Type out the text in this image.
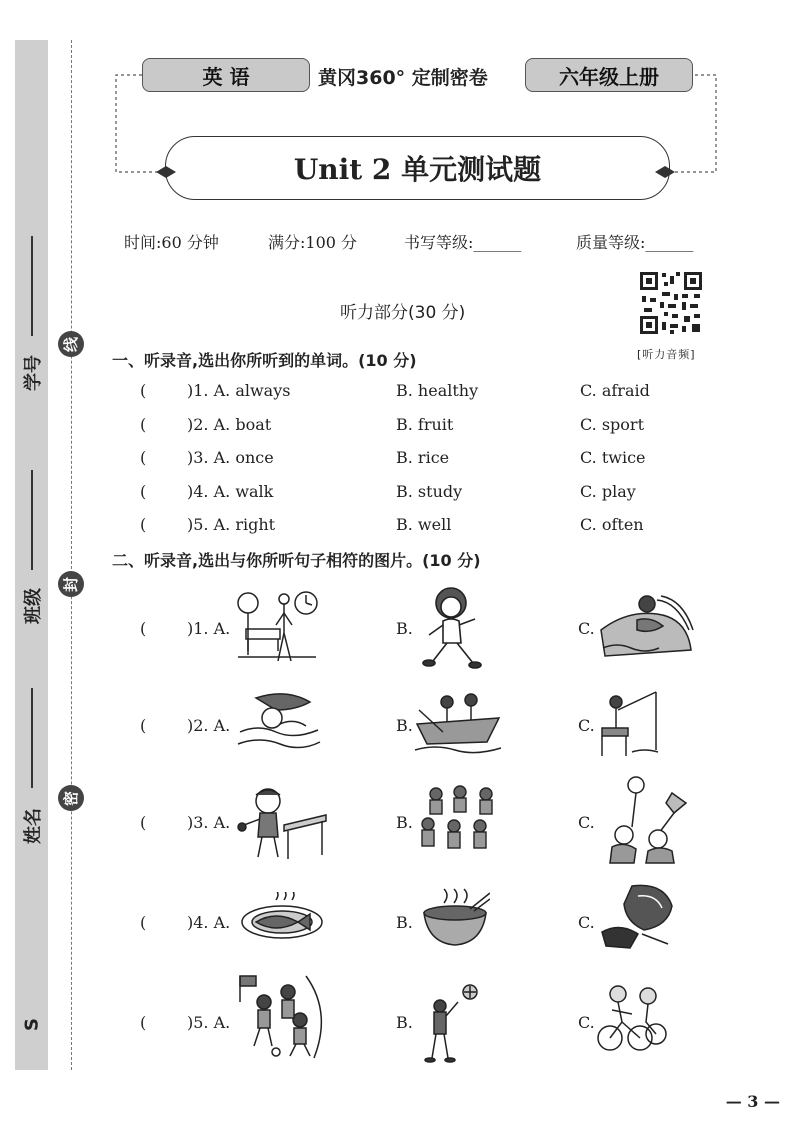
学号
班级
姓名
S
线
封
密
英 语	黄冈360° 定制密卷	六年级上册
Unit 2 单元测试题
时间:60 分钟	满分:100 分	书写等级:______	质量等级:______
听力部分(30 分)
[听力音频]
一、听录音,选出你所听到的单词。(10 分)
(	)1. A. always	B. healthy	C. afraid
(	)2. A. boat	B. fruit	C. sport
(	)3. A. once	B. rice	C. twice
(	)4. A. walk	B. study	C. play
(	)5. A. right	B. well	C. often
二、听录音,选出与你所听句子相符的图片。(10 分)
(	)1. A.	B.	C.
(	)2. A.	B.	C.
(	)3. A.	B.	C.
(	)4. A.	B.	C.
(	)5. A.	B.	C.
— 3 —
